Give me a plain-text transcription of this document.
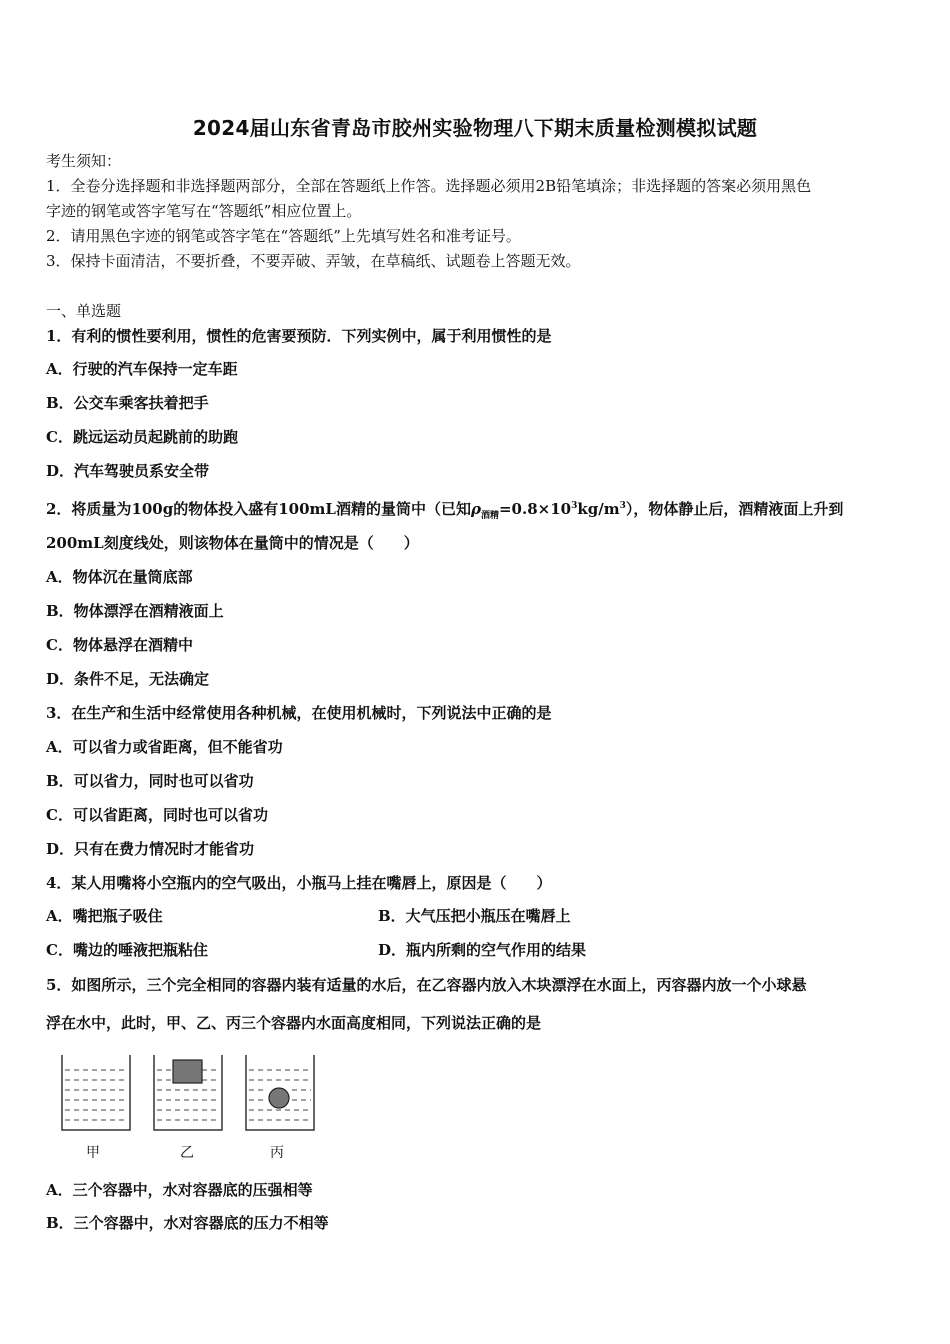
2024届山东省青岛市胶州实验物理八下期末质量检测模拟试题
考生须知：
1．全卷分选择题和非选择题两部分，全部在答题纸上作答。选择题必须用2B铅笔填涂；非选择题的答案必须用黑色
字迹的钢笔或答字笔写在“答题纸”相应位置上。
2．请用黑色字迹的钢笔或答字笔在“答题纸”上先填写姓名和准考证号。
3．保持卡面清洁，不要折叠，不要弄破、弄皱，在草稿纸、试题卷上答题无效。
一、单选题
1．有利的惯性要利用，惯性的危害要预防．下列实例中，属于利用惯性的是
A．行驶的汽车保持一定车距
B．公交车乘客扶着把手
C．跳远运动员起跳前的助跑
D．汽车驾驶员系安全带
2．将质量为100g的物体投入盛有100mL酒精的量筒中（已知$\rho_{酒精}=0.8\times 10^3kg/m^3$），物体静止后，酒精液面上升到
200mL刻度线处，则该物体在量筒中的情况是（　　）
A．物体沉在量筒底部
B．物体漂浮在酒精液面上
C．物体悬浮在酒精中
D．条件不足，无法确定
3．在生产和生活中经常使用各种机械，在使用机械时，下列说法中正确的是
A．可以省力或省距离，但不能省功
B．可以省力，同时也可以省功
C．可以省距离，同时也可以省功
D．只有在费力情况时才能省功
4．某人用嘴将小空瓶内的空气吸出，小瓶马上挂在嘴唇上，原因是（　　）
A．嘴把瓶子吸住	B．大气压把小瓶压在嘴唇上
C．嘴边的唾液把瓶粘住	D．瓶内所剩的空气作用的结果
5．如图所示，三个完全相同的容器内装有适量的水后，在乙容器内放入木块漂浮在水面上，丙容器内放一个小球悬
浮在水中，此时，甲、乙、丙三个容器内水面高度相同，下列说法正确的是
甲	乙	丙
A．三个容器中，水对容器底的压强相等
B．三个容器中，水对容器底的压力不相等
